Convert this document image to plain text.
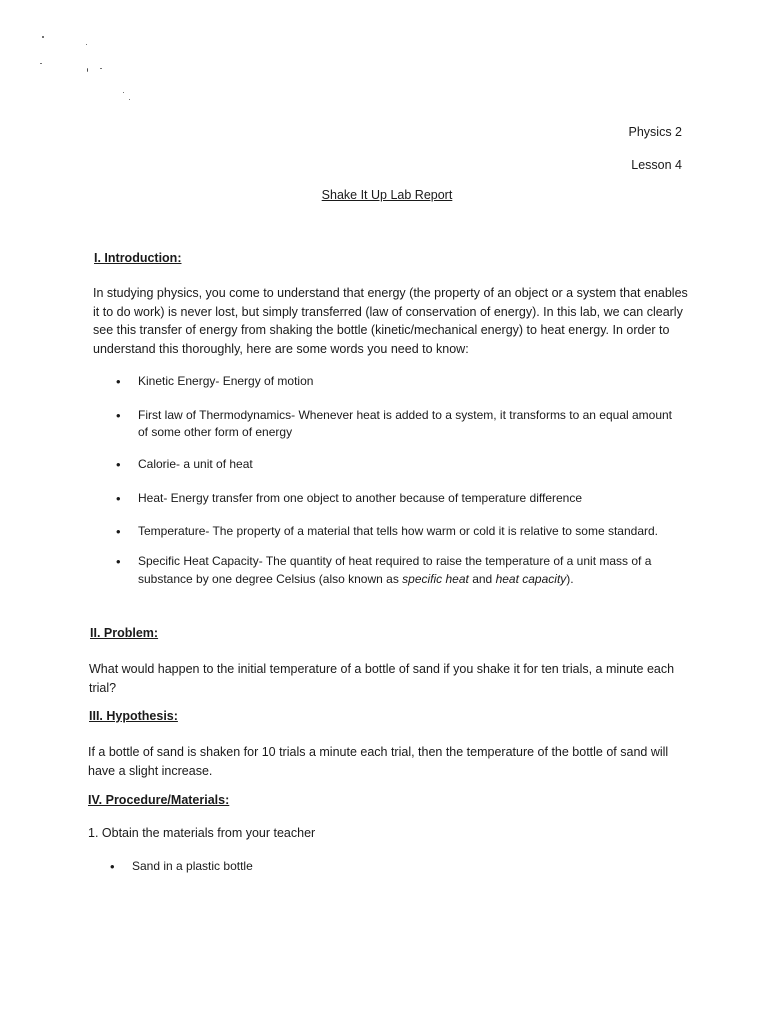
Physics 2
Lesson 4
Shake It Up Lab Report
I. Introduction:
In studying physics, you come to understand that energy (the property of an object or a system that enables it to do work) is never lost, but simply transferred (law of conservation of energy). In this lab, we can clearly see this transfer of energy from shaking the bottle (kinetic/mechanical energy) to heat energy. In order to understand this thoroughly, here are some words you need to know:
• Kinetic Energy- Energy of motion
• First law of Thermodynamics- Whenever heat is added to a system, it transforms to an equal amount of some other form of energy
• Calorie- a unit of heat
• Heat- Energy transfer from one object to another because of temperature difference
• Temperature- The property of a material that tells how warm or cold it is relative to some standard.
• Specific Heat Capacity- The quantity of heat required to raise the temperature of a unit mass of a substance by one degree Celsius (also known as specific heat and heat capacity).
II. Problem:
What would happen to the initial temperature of a bottle of sand if you shake it for ten trials, a minute each trial?
III. Hypothesis:
If a bottle of sand is shaken for 10 trials a minute each trial, then the temperature of the bottle of sand will have a slight increase.
IV. Procedure/Materials:
1. Obtain the materials from your teacher
• Sand in a plastic bottle
